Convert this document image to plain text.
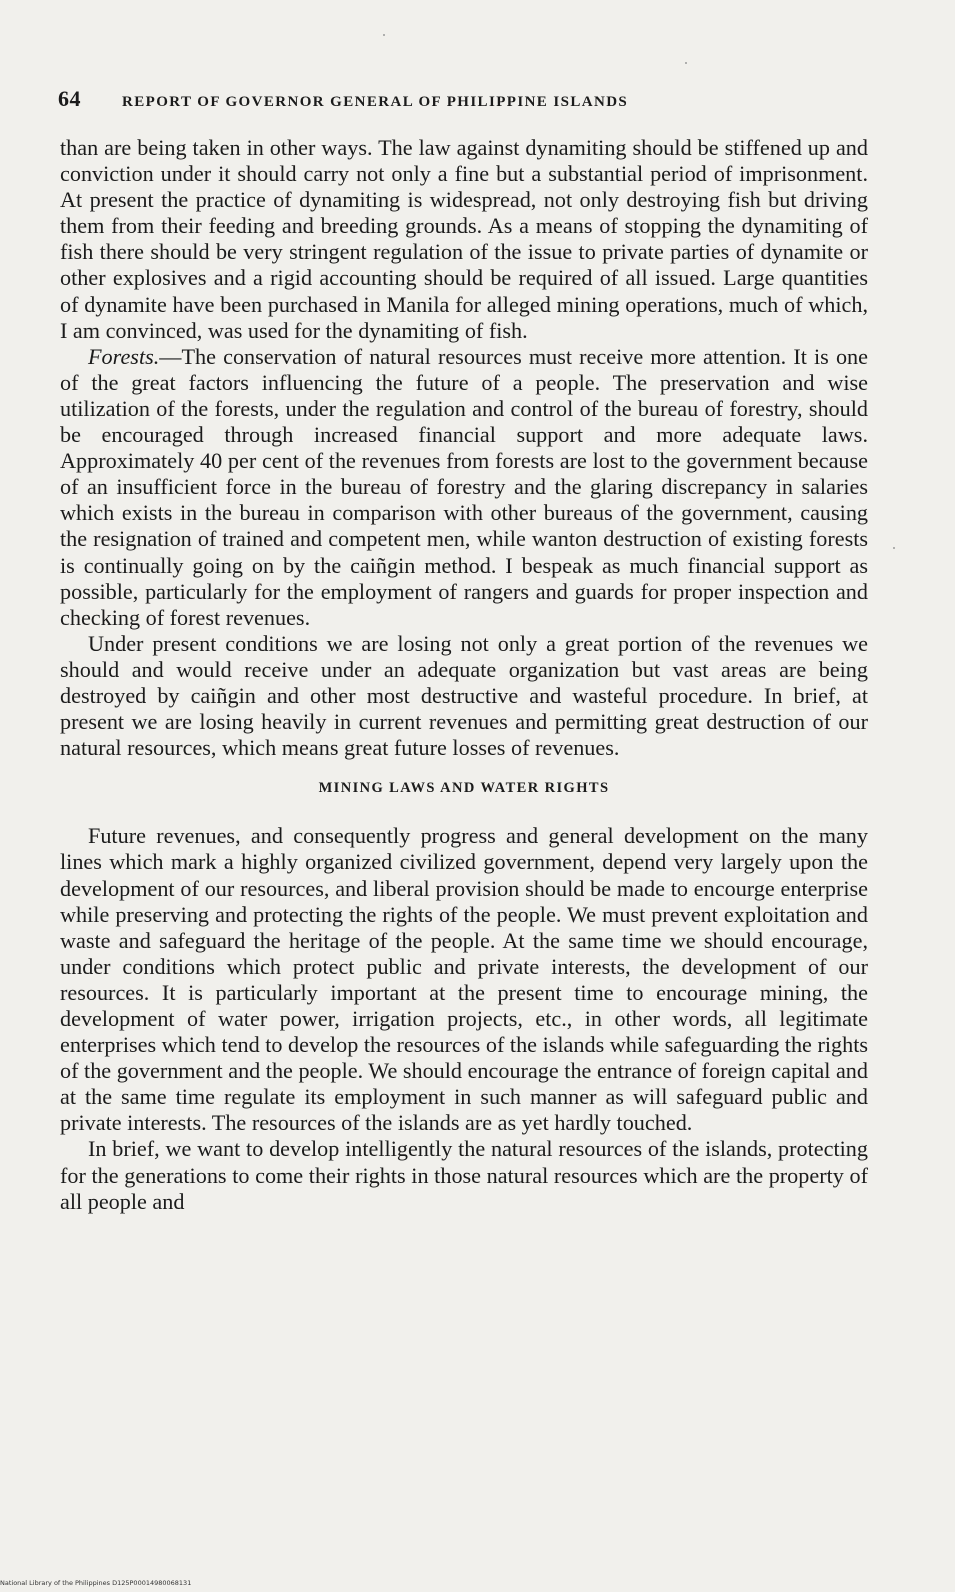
64	REPORT OF GOVERNOR GENERAL OF PHILIPPINE ISLANDS

than are being taken in other ways. The law against dynamiting should be stiffened up and conviction under it should carry not only a fine but a substantial period of imprisonment. At present the practice of dynamiting is widespread, not only destroying fish but driving them from their feeding and breeding grounds. As a means of stopping the dynamiting of fish there should be very stringent regulation of the issue to private parties of dynamite or other explosives and a rigid accounting should be required of all issued. Large quantities of dynamite have been purchased in Manila for alleged mining operations, much of which, I am convinced, was used for the dynamiting of fish.

Forests.—The conservation of natural resources must receive more attention. It is one of the great factors influencing the future of a people. The preservation and wise utilization of the forests, under the regulation and control of the bureau of forestry, should be encouraged through increased financial support and more adequate laws. Approximately 40 per cent of the revenues from forests are lost to the government because of an insufficient force in the bureau of forestry and the glaring discrepancy in salaries which exists in the bureau in comparison with other bureaus of the government, causing the resignation of trained and competent men, while wanton destruction of existing forests is continually going on by the caiñgin method. I bespeak as much financial support as possible, particularly for the employment of rangers and guards for proper inspection and checking of forest revenues.

Under present conditions we are losing not only a great portion of the revenues we should and would receive under an adequate organization but vast areas are being destroyed by caiñgin and other most destructive and wasteful procedure. In brief, at present we are losing heavily in current revenues and permitting great destruction of our natural resources, which means great future losses of revenues.

MINING LAWS AND WATER RIGHTS

Future revenues, and consequently progress and general development on the many lines which mark a highly organized civilized government, depend very largely upon the development of our resources, and liberal provision should be made to encourge enterprise while preserving and protecting the rights of the people. We must prevent exploitation and waste and safeguard the heritage of the people. At the same time we should encourage, under conditions which protect public and private interests, the development of our resources. It is particularly important at the present time to encourage mining, the development of water power, irrigation projects, etc., in other words, all legitimate enterprises which tend to develop the resources of the islands while safeguarding the rights of the government and the people. We should encourage the entrance of foreign capital and at the same time regulate its employment in such manner as will safeguard public and private interests. The resources of the islands are as yet hardly touched.

In brief, we want to develop intelligently the natural resources of the islands, protecting for the generations to come their rights in those natural resources which are the property of all people and

National Library of the Philippines D125P00014980068131
